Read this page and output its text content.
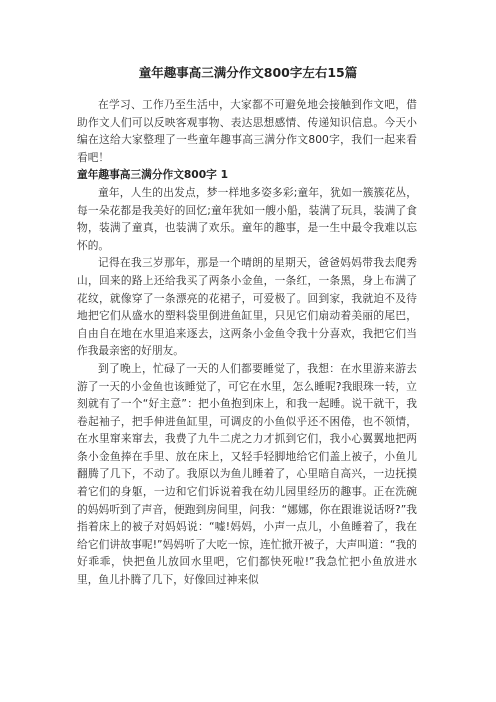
童年趣事高三满分作文800字左右15篇

在学习、工作乃至生活中，大家都不可避免地会接触到作文吧，借助作文人们可以反映客观事物、表达思想感情、传递知识信息。今天小编在这给大家整理了一些童年趣事高三满分作文800字，我们一起来看看吧！

童年趣事高三满分作文800字 1

童年，人生的出发点，梦一样地多姿多彩;童年，犹如一簇簇花丛，每一朵花都是我美好的回忆;童年犹如一艘小船，装满了玩具，装满了食物，装满了童真，也装满了欢乐。童年的趣事，是一生中最令我难以忘怀的。

记得在我三岁那年，那是一个晴朗的星期天，爸爸妈妈带我去爬秀山，回来的路上还给我买了两条小金鱼，一条红，一条黑，身上布满了花纹，就像穿了一条漂亮的花裙子，可爱极了。回到家，我就迫不及待地把它们从盛水的塑料袋里倒进鱼缸里，只见它们扇动着美丽的尾巴，自由自在地在水里追来逐去，这两条小金鱼令我十分喜欢，我把它们当作我最亲密的好朋友。

到了晚上，忙碌了一天的人们都要睡觉了，我想：在水里游来游去游了一天的小金鱼也该睡觉了，可它在水里，怎么睡呢?我眼珠一转，立刻就有了一个“好主意”：把小鱼抱到床上，和我一起睡。说干就干，我卷起袖子，把手伸进鱼缸里，可调皮的小鱼似乎还不困倦，也不领情，在水里窜来窜去，我费了九牛二虎之力才抓到它们，我小心翼翼地把两条小金鱼捧在手里、放在床上，又轻手轻脚地给它们盖上被子，小鱼儿翻腾了几下，不动了。我原以为鱼儿睡着了，心里暗自高兴，一边抚摸着它们的身躯，一边和它们诉说着我在幼儿园里经历的趣事。正在洗碗的妈妈听到了声音，便跑到房间里，问我：“娜娜，你在跟谁说话呀?”我指着床上的被子对妈妈说：“嘘!妈妈，小声一点儿，小鱼睡着了，我在给它们讲故事呢!”妈妈听了大吃一惊，连忙掀开被子，大声叫道：“我的好乖乖，快把鱼儿放回水里吧，它们都快死啦!”我急忙把小鱼放进水里，鱼儿扑腾了几下，好像回过神来似
